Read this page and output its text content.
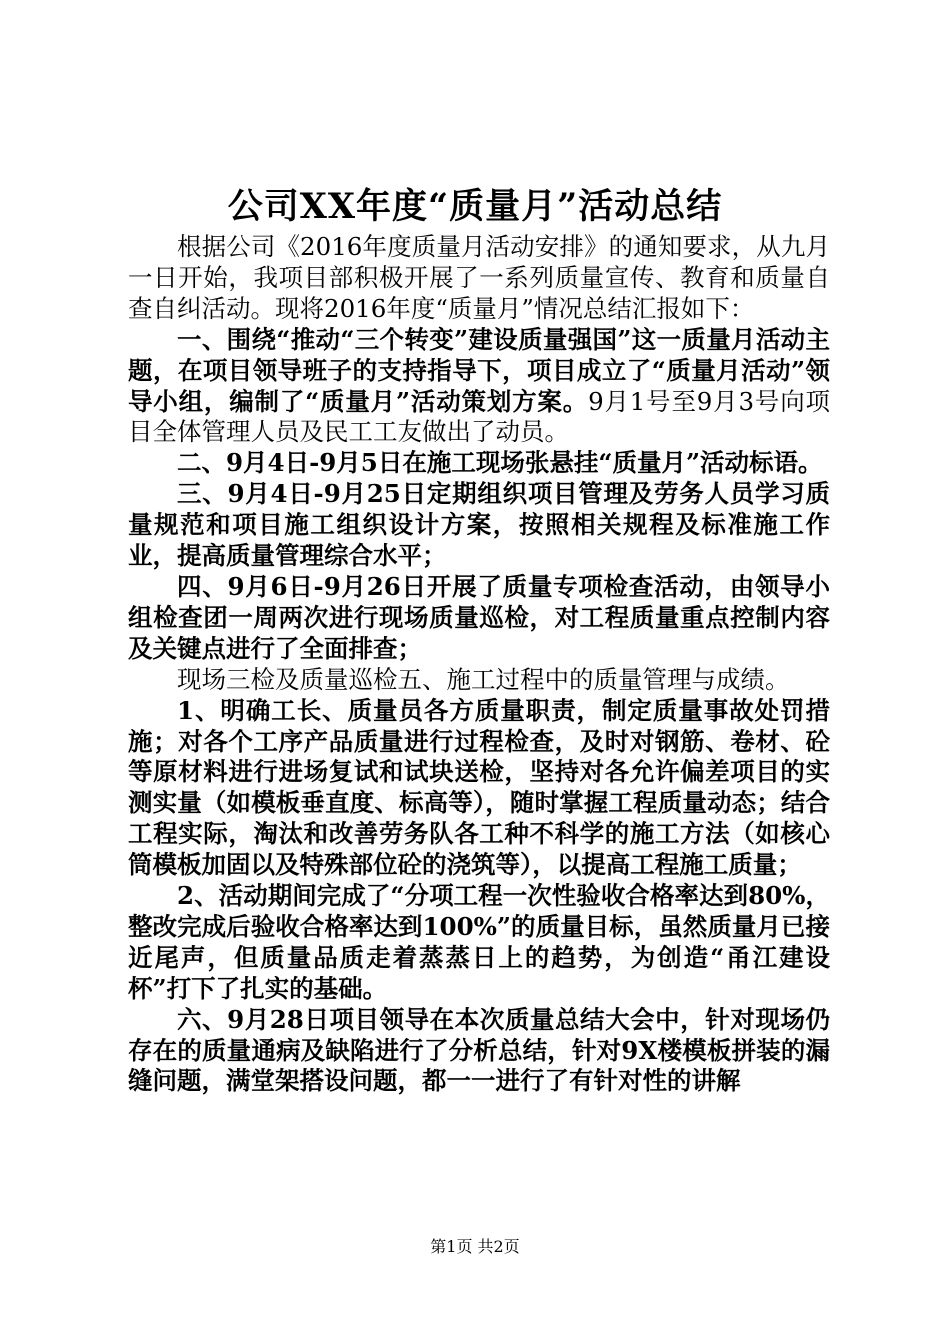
公司XX年度“质量月”活动总结

根据公司《2016年度质量月活动安排》的通知要求，从九月一日开始，我项目部积极开展了一系列质量宣传、教育和质量自查自纠活动。现将2016年度“质量月”情况总结汇报如下：

一、围绕“推动“三个转变”建设质量强国”这一质量月活动主题，在项目领导班子的支持指导下，项目成立了“质量月活动”领导小组，编制了“质量月”活动策划方案。9月1号至9月3号向项目全体管理人员及民工工友做出了动员。

二、9月4日-9月5日在施工现场张悬挂“质量月”活动标语。

三、9月4日-9月25日定期组织项目管理及劳务人员学习质量规范和项目施工组织设计方案，按照相关规程及标准施工作业，提高质量管理综合水平；

四、9月6日-9月26日开展了质量专项检查活动，由领导小组检查团一周两次进行现场质量巡检，对工程质量重点控制内容及关键点进行了全面排查；

现场三检及质量巡检五、施工过程中的质量管理与成绩。

1、明确工长、质量员各方质量职责，制定质量事故处罚措施；对各个工序产品质量进行过程检查，及时对钢筋、卷材、砼等原材料进行进场复试和试块送检，坚持对各允许偏差项目的实测实量（如模板垂直度、标高等），随时掌握工程质量动态；结合工程实际，淘汰和改善劳务队各工种不科学的施工方法（如核心筒模板加固以及特殊部位砼的浇筑等），以提高工程施工质量；

2、活动期间完成了“分项工程一次性验收合格率达到80%，整改完成后验收合格率达到100%”的质量目标，虽然质量月已接近尾声，但质量品质走着蒸蒸日上的趋势，为创造“甬江建设杯”打下了扎实的基础。

六、9月28日项目领导在本次质量总结大会中，针对现场仍存在的质量通病及缺陷进行了分析总结，针对9X楼模板拼装的漏缝问题，满堂架搭设问题，都一一进行了有针对性的讲解

第1页 共2页
